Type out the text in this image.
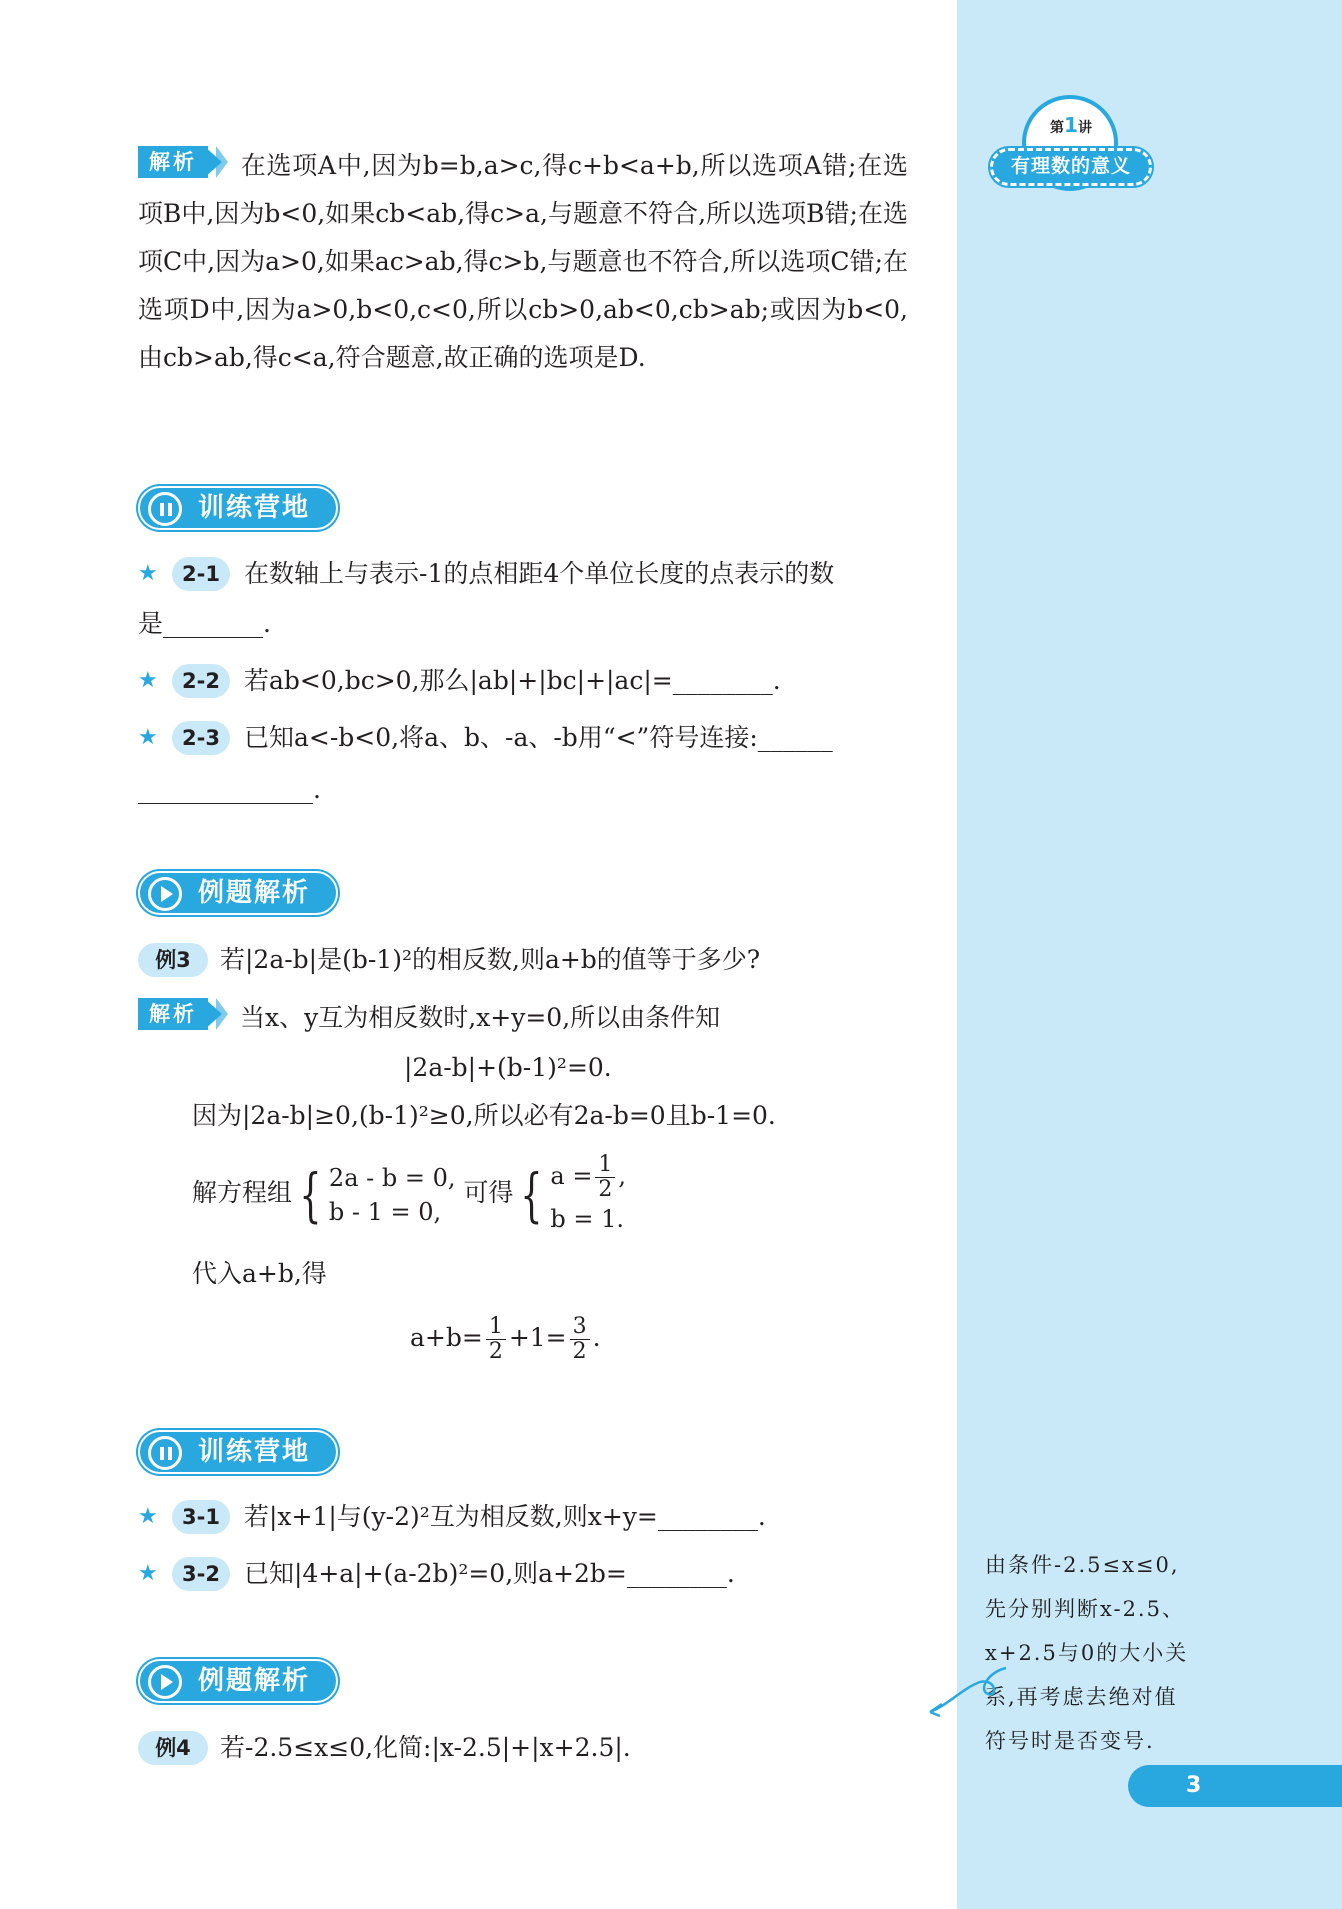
第1讲
有理数的意义
解析	在选项A中,因为b=b,a>c,得c+b<a+b,所以选项A错;在选项B中,因为b<0,如果cb<ab,得c>a,与题意不符合,所以选项B错;在选项C中,因为a>0,如果ac>ab,得c>b,与题意也不符合,所以选项C错;在选项D中,因为a>0,b<0,c<0,所以cb>0,ab<0,cb>ab;或因为b<0,由cb>ab,得c<a,符合题意,故正确的选项是D.
训练营地
★	2-1 在数轴上与表示-1的点相距4个单位长度的点表示的数
是________.
★	2-2 若ab<0,bc>0,那么|ab|+|bc|+|ac|=________.
★	2-3 已知a<-b<0,将a、b、-a、-b用“<”符号连接:______
______________.
例题解析
例3	若|2a-b|是(b-1)²的相反数,则a+b的值等于多少?
解析	当x、y互为相反数时,x+y=0,所以由条件知
|2a-b|+(b-1)²=0.
因为|2a-b|≥0,(b-1)²≥0,所以必有2a-b=0且b-1=0.
解方程组 { 2a - b = 0,
b - 1 = 0,
可得 { $a = \frac{1}{2}$ ,
b = 1.
代入a+b,得
$a+b= \frac{1}{2} +1= \frac{3}{2}$ .
训练营地
★	3-1 若|x+1|与(y-2)²互为相反数,则x+y=________.
★	3-2 已知|4+a|+(a-2b)²=0,则a+2b=________.
例题解析
例4	若-2.5≤x≤0,化简:|x-2.5|+|x+2.5|.
由条件-2.5≤x≤0,
先分别判断x-2.5、
x+2.5与0的大小关
系,再考虑去绝对值
符号时是否变号.
3
